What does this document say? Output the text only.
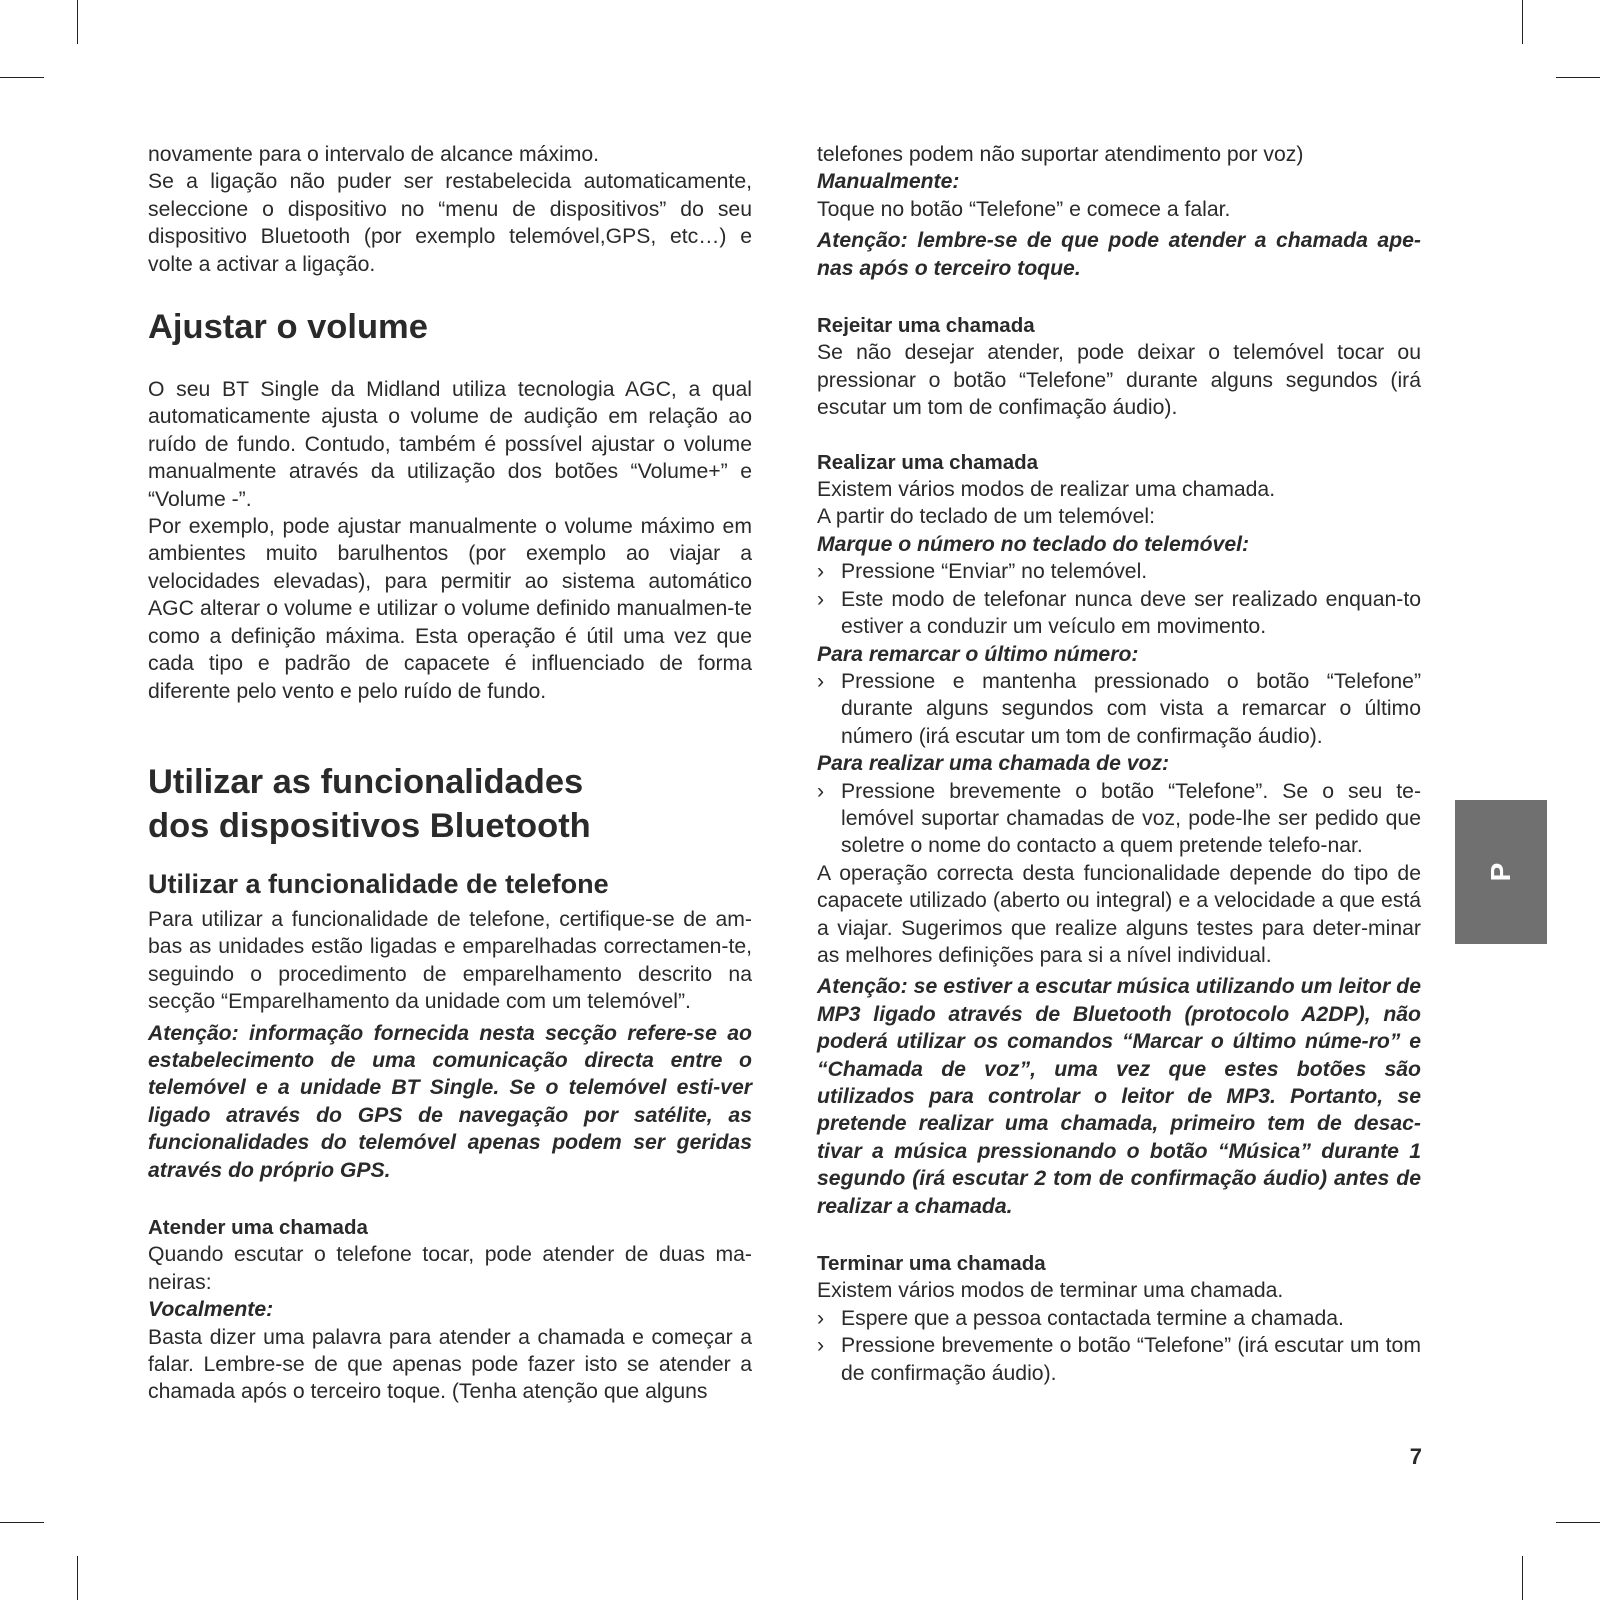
novamente para o intervalo de alcance máximo.

Se a ligação não puder ser restabelecida automaticamente, seleccione o dispositivo no “menu de dispositivos” do seu dispositivo Bluetooth (por exemplo telemóvel,GPS, etc…) e volte a activar a ligação.

Ajustar o volume

O seu BT Single da Midland utiliza tecnologia AGC, a qual automaticamente ajusta o volume de audição em relação ao ruído de fundo. Contudo, também é possível ajustar o volume manualmente através da utilização dos botões “Volume+” e “Volume -”.

Por exemplo, pode ajustar manualmente o volume máximo em ambientes muito barulhentos (por exemplo ao viajar a velocidades elevadas), para permitir ao sistema automático AGC alterar o volume e utilizar o volume definido manualmen-te como a definição máxima. Esta operação é útil uma vez que cada tipo e padrão de capacete é influenciado de forma diferente pelo vento e pelo ruído de fundo.

Utilizar as funcionalidades
dos dispositivos Bluetooth
Utilizar a funcionalidade de telefone

Para utilizar a funcionalidade de telefone, certifique-se de am-bas as unidades estão ligadas e emparelhadas correctamen-te, seguindo o procedimento de emparelhamento descrito na secção “Emparelhamento da unidade com um telemóvel”.

Atenção: informação fornecida nesta secção refere-se ao estabelecimento de uma comunicação directa entre o telemóvel e a unidade BT Single. Se o telemóvel esti-ver ligado através do GPS de navegação por satélite, as funcionalidades do telemóvel apenas podem ser geridas através do próprio GPS.

Atender uma chamada

Quando escutar o telefone tocar, pode atender de duas ma-neiras:

Vocalmente:

Basta dizer uma palavra para atender a chamada e começar a falar. Lembre-se de que apenas pode fazer isto se atender a chamada após o terceiro toque. (Tenha atenção que alguns

telefones podem não suportar atendimento por voz)

Manualmente:

Toque no botão “Telefone” e comece a falar.

Atenção: lembre-se de que pode atender a chamada ape-nas após o terceiro toque.

Rejeitar uma chamada

Se não desejar atender, pode deixar o telemóvel tocar ou pressionar o botão “Telefone” durante alguns segundos (irá escutar um tom de confimação áudio).

Realizar uma chamada

Existem vários modos de realizar uma chamada.

A partir do teclado de um telemóvel:

Marque o número no teclado do telemóvel:

› Pressione “Enviar” no telemóvel.
› Este modo de telefonar nunca deve ser realizado enquan-to estiver a conduzir um veículo em movimento.

Para remarcar o último número:

› Pressione e mantenha pressionado o botão “Telefone” durante alguns segundos com vista a remarcar o último número (irá escutar um tom de confirmação áudio).

Para realizar uma chamada de voz:

› Pressione brevemente o botão “Telefone”. Se o seu te-lemóvel suportar chamadas de voz, pode-lhe ser pedido que soletre o nome do contacto a quem pretende telefo-nar.

A operação correcta desta funcionalidade depende do tipo de capacete utilizado (aberto ou integral) e a velocidade a que está a viajar. Sugerimos que realize alguns testes para deter-minar as melhores definições para si a nível individual.

Atenção: se estiver a escutar música utilizando um leitor de MP3 ligado através de Bluetooth (protocolo A2DP), não poderá utilizar os comandos “Marcar o último núme-ro” e “Chamada de voz”, uma vez que estes botões são utilizados para controlar o leitor de MP3. Portanto, se pretende realizar uma chamada, primeiro tem de desac-tivar a música pressionando o botão “Música” durante 1 segundo (irá escutar 2 tom de confirmação áudio) antes de realizar a chamada.

Terminar uma chamada

Existem vários modos de terminar uma chamada.

› Espere que a pessoa contactada termine a chamada.
› Pressione brevemente o botão “Telefone” (irá escutar um tom de confirmação áudio).
P
7
